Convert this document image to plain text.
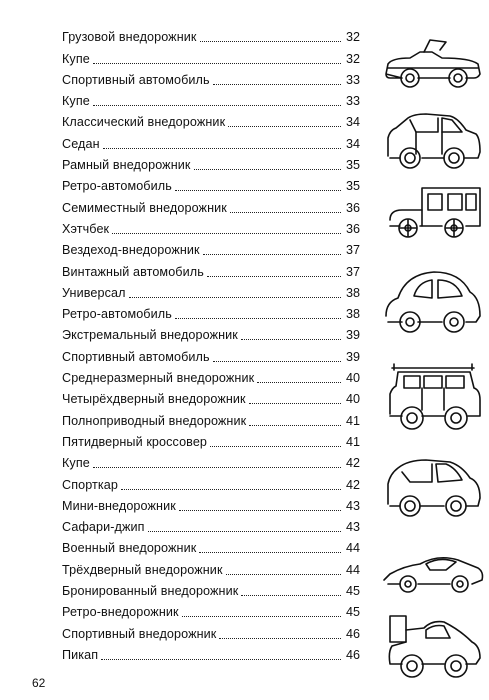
Грузовой внедорожник	32
Купе	32
Спортивный автомобиль	33
Купе	33
Классический внедорожник	34
Седан	34
Рамный внедорожник	35
Ретро-автомобиль	35
Семиместный внедорожник	36
Хэтчбек	36
Вездеход-внедорожник	37
Винтажный автомобиль	37
Универсал	38
Ретро-автомобиль	38
Экстремальный внедорожник	39
Спортивный автомобиль	39
Среднеразмерный внедорожник	40
Четырёхдверный внедорожник	40
Полноприводный внедорожник	41
Пятидверный кроссовер	41
Купе	42
Спорткар	42
Мини-внедорожник	43
Сафари-джип	43
Военный внедорожник	44
Трёхдверный внедорожник	44
Бронированный внедорожник	45
Ретро-внедорожник	45
Спортивный внедорожник	46
Пикап	46
62
